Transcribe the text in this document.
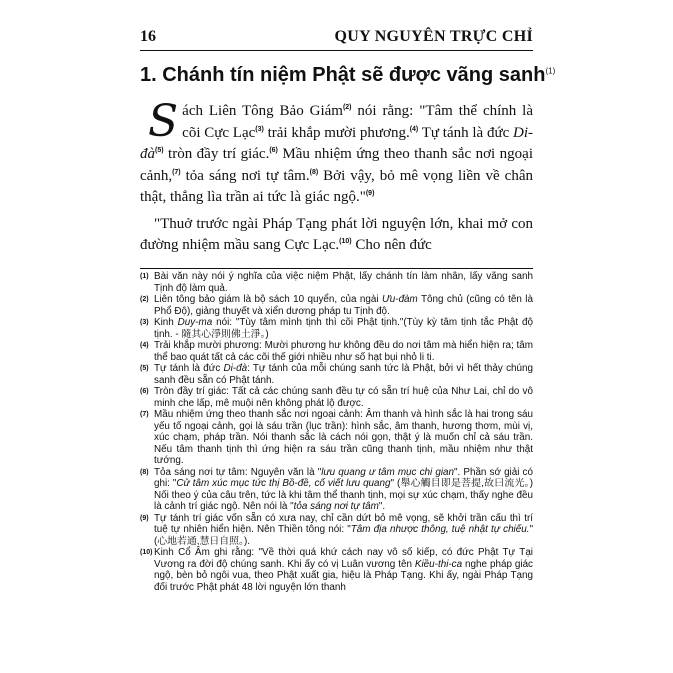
16	QUY NGUYÊN TRỰC CHỈ
1. Chánh tín niệm Phật sẽ được vãng sanh$^{(1)}$

Sách Liên Tông Bảo Giám$^{(2)}$ nói rằng: "Tâm thể chính là cõi Cực Lạc$^{(3)}$ trải khắp mười phương.$^{(4)}$ Tự tánh là đức $Di-đà^{(5)}$ tròn đầy trí giác.$^{(6)}$ Mầu nhiệm ứng theo thanh sắc nơi ngoại cảnh,$^{(7)}$ tỏa sáng nơi tự tâm.$^{(8)}$ Bởi vậy, bỏ mê vọng liền về chân thật, thẳng lìa trần ai tức là giác ngộ."$^{(9)}$

"Thuở trước ngài Pháp Tạng phát lời nguyện lớn, khai mở con đường nhiệm mầu sang Cực Lạc.$^{(10)}$ Cho nên đức

(1) Bài văn này nói ý nghĩa của việc niệm Phật, lấy chánh tín làm nhân, lấy vãng sanh Tịnh độ làm quả.
(2) Liên tông bảo giám là bộ sách 10 quyển, của ngài Ưu-đàm Tông chủ (cũng có tên là Phổ Độ), giảng thuyết và xiển dương pháp tu Tịnh độ.
(3) Kinh Duy-ma nói: "Tùy tâm mình tịnh thì cõi Phật tịnh."(Tùy kỳ tâm tịnh tắc Phật độ tịnh. - 隨其心淨則佛土淨。)
(4) Trải khắp mười phương: Mười phương hư không đều do nơi tâm mà hiển hiện ra; tâm thể bao quát tất cả các cõi thế giới nhiều như số hạt bụi nhỏ li ti.
(5) Tự tánh là đức Di-đà: Tự tánh của mỗi chúng sanh tức là Phật, bởi vì hết thảy chúng sanh đều sẵn có Phật tánh.
(6) Tròn đầy trí giác: Tất cả các chúng sanh đều tự có sẵn trí huệ của Như Lai, chỉ do vô minh che lấp, mê muội nên không phát lộ được.
(7) Mầu nhiệm ứng theo thanh sắc nơi ngoại cảnh: Âm thanh và hình sắc là hai trong sáu yếu tố ngoại cảnh, gọi là sáu trần (lục trần): hình sắc, âm thanh, hương thơm, mùi vị, xúc chạm, pháp trần. Nói thanh sắc là cách nói gọn, thật ý là muốn chỉ cả sáu trần. Nếu tâm thanh tịnh thì ứng hiện ra sáu trần cũng thanh tịnh, mầu nhiệm như thật tướng.
(8) Tỏa sáng nơi tự tâm: Nguyên văn là "lưu quang ư tâm mục chi gian". Phần sớ giải có ghi: "Cử tâm xúc mục tức thị Bồ-đề, cố viết lưu quang" (舉心觸目即是菩提,故曰流光。) Nối theo ý của câu trên, tức là khi tâm thể thanh tịnh, mọi sự xúc chạm, thấy nghe đều là cảnh trí giác ngộ. Nên nói là "tỏa sáng nơi tự tâm".
(9) Tự tánh trí giác vốn sẵn có xưa nay, chỉ cần dứt bỏ mê vọng, sẽ khởi trần cấu thì trí tuệ tự nhiên hiển hiện. Nên Thiền tông nói: "Tâm địa nhược thông, tuệ nhật tự chiếu." (心地若通,慧日自照。).
(10) Kinh Cổ Âm ghi rằng: "Về thời quá khứ cách nay vô số kiếp, có đức Phật Tự Tại Vương ra đời độ chúng sanh. Khi ấy có vị Luân vương tên Kiều-thi-ca nghe pháp giác ngộ, bèn bỏ ngôi vua, theo Phật xuất gia, hiệu là Pháp Tạng. Khi ấy, ngài Pháp Tạng đối trước Phật phát 48 lời nguyện lớn thanh
